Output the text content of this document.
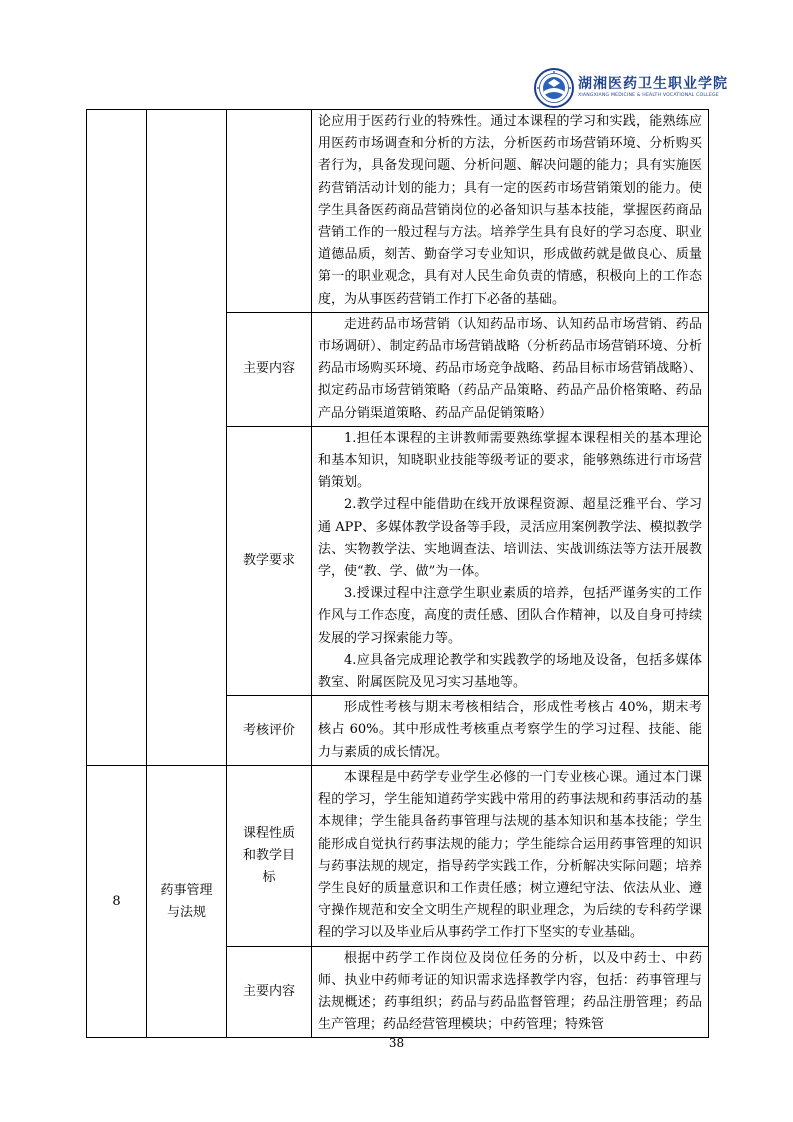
湖湘医药卫生职业学院
XIANGXIANG MEDICINE & HEALTH VOCATIONAL COLLEGE

			论应用于医药行业的特殊性。通过本课程的学习和实践，能熟练应用医药市场调查和分析的方法，分析医药市场营销环境、分析购买者行为，具备发现问题、分析问题、解决问题的能力；具有实施医药营销活动计划的能力；具有一定的医药市场营销策划的能力。使学生具备医药商品营销岗位的必备知识与基本技能，掌握医药商品营销工作的一般过程与方法。培养学生具有良好的学习态度、职业道德品质，刻苦、勤奋学习专业知识，形成做药就是做良心、质量第一的职业观念，具有对人民生命负责的情感，积极向上的工作态度，为从事医药营销工作打下必备的基础。

		主要内容	走进药品市场营销（认知药品市场、认知药品市场营销、药品市场调研）、制定药品市场营销战略（分析药品市场营销环境、分析药品市场购买环境、药品市场竞争战略、药品目标市场营销战略）、拟定药品市场营销策略（药品产品策略、药品产品价格策略、药品产品分销渠道策略、药品产品促销策略）

		教学要求	1.担任本课程的主讲教师需要熟练掌握本课程相关的基本理论和基本知识，知晓职业技能等级考证的要求，能够熟练进行市场营销策划。

2.教学过程中能借助在线开放课程资源、超星泛雅平台、学习通 APP、多媒体教学设备等手段，灵活应用案例教学法、模拟教学法、实物教学法、实地调查法、培训法、实战训练法等方法开展教学，使“教、学、做”为一体。

3.授课过程中注意学生职业素质的培养，包括严谨务实的工作作风与工作态度，高度的责任感、团队合作精神，以及自身可持续发展的学习探索能力等。

4.应具备完成理论教学和实践教学的场地及设备，包括多媒体教室、附属医院及见习实习基地等。

		考核评价	形成性考核与期末考核相结合，形成性考核占 40%，期末考核占 60%。其中形成性考核重点考察学生的学习过程、技能、能力与素质的成长情况。

8	药事管理与法规	课程性质和教学目标	本课程是中药学专业学生必修的一门专业核心课。通过本门课程的学习，学生能知道药学实践中常用的药事法规和药事活动的基本规律；学生能具备药事管理与法规的基本知识和基本技能；学生能形成自觉执行药事法规的能力；学生能综合运用药事管理的知识与药事法规的规定，指导药学实践工作，分析解决实际问题；培养学生良好的质量意识和工作责任感；树立遵纪守法、依法从业、遵守操作规范和安全文明生产规程的职业理念，为后续的专科药学课程的学习以及毕业后从事药学工作打下坚实的专业基础。

		主要内容	根据中药学工作岗位及岗位任务的分析，以及中药士、中药师、执业中药师考证的知识需求选择教学内容，包括：药事管理与法规概述；药事组织；药品与药品监督管理；药品注册管理；药品生产管理；药品经营管理模块；中药管理；特殊管

38
